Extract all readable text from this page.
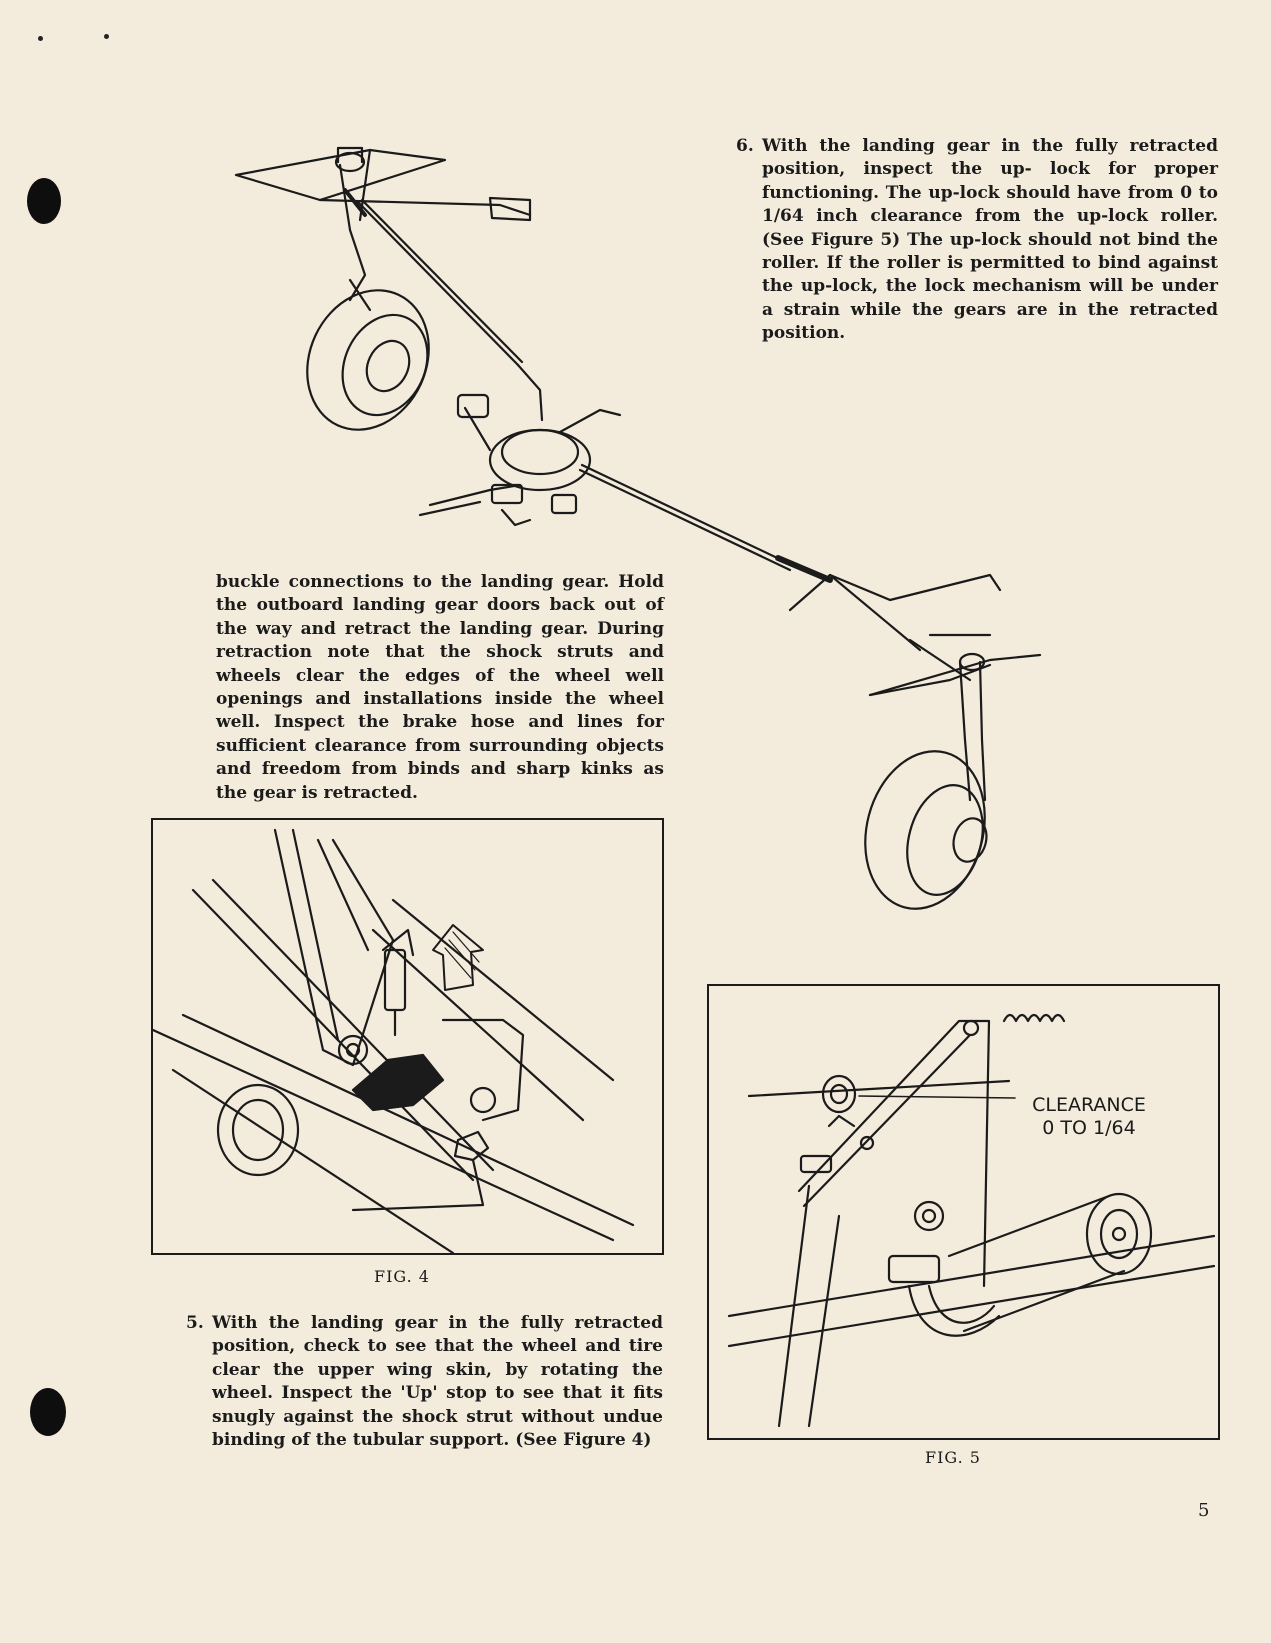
6. With the landing gear in the fully retracted position, inspect the up- lock for proper functioning. The up-lock should have from 0 to 1/64 inch clearance from the up-lock roller. (See Figure 5) The up-lock should not bind the roller. If the roller is permitted to bind against the up-lock, the lock mechanism will be under a strain while the gears are in the retracted position.

buckle connections to the landing gear. Hold the outboard landing gear doors back out of the way and retract the landing gear. During retraction note that the shock struts and wheels clear the edges of the wheel well openings and installations inside the wheel well. Inspect the brake hose and lines for sufficient clearance from surrounding objects and freedom from binds and sharp kinks as the gear is retracted.

FIG. 4

5. With the landing gear in the fully retracted position, check to see that the wheel and tire clear the upper wing skin, by rotating the wheel. Inspect the 'Up' stop to see that it fits snugly against the shock strut without undue binding of the tubular support. (See Figure 4)

CLEARANCE
0 TO 1/64
FIG. 5
5
